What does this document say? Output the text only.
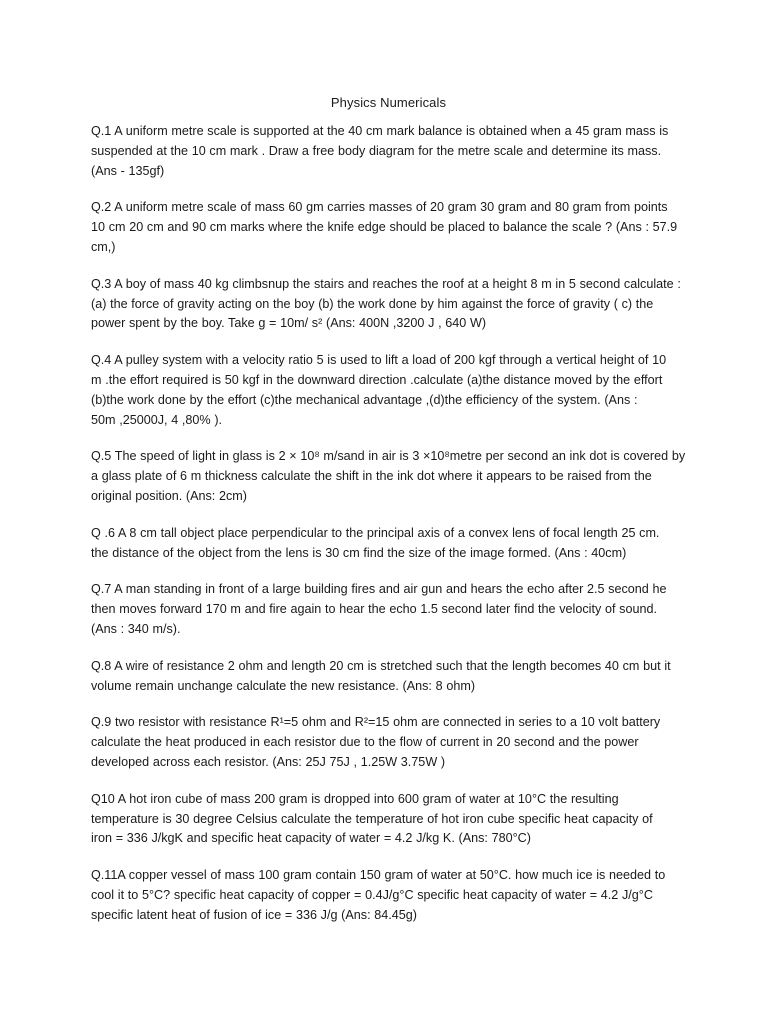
Physics Numericals
Q.1 A uniform metre scale is supported at the 40 cm mark balance is obtained when a 45 gram mass is
suspended at the 10 cm mark . Draw a free body diagram for the metre scale and determine its mass.
(Ans - 135gf)
Q.2 A uniform metre scale of mass 60 gm carries masses of 20 gram 30 gram and 80 gram from points
10 cm 20 cm and 90 cm marks where the knife edge should be placed to balance the scale ? (Ans : 57.9
cm,)
Q.3 A boy of mass 40 kg climbsnup the stairs and reaches the roof at a height 8 m in 5 second calculate :
(a) the force of gravity acting on the boy (b) the work done by him against the force of gravity ( c) the
power spent by the boy. Take g = 10m/ s² (Ans: 400N ,3200 J , 640 W)
Q.4 A pulley system with a velocity ratio 5 is used to lift a load of 200 kgf through a vertical height of 10
m .the effort required is 50 kgf in the downward direction .calculate (a)the distance moved by the effort
(b)the work done by the effort (c)the mechanical advantage ,(d)the efficiency of the system. (Ans :
50m ,25000J, 4 ,80% ).
Q.5 The speed of light in glass is 2 × 10⁸ m/sand in air is 3 ×10⁸metre per second an ink dot is covered by
a glass plate of 6 m thickness calculate the shift in the ink dot where it appears to be raised from the
original position. (Ans: 2cm)
Q .6 A 8 cm tall object place perpendicular to the principal axis of a convex lens of focal length 25 cm.
the distance of the object from the lens is 30 cm find the size of the image formed. (Ans : 40cm)
Q.7 A man standing in front of a large building fires and air gun and hears the echo after 2.5 second he
then moves forward 170 m and fire again to hear the echo 1.5 second later find the velocity of sound.
(Ans : 340 m/s).
Q.8 A wire of resistance 2 ohm and length 20 cm is stretched such that the length becomes 40 cm but it
volume remain unchange calculate the new resistance. (Ans: 8 ohm)
Q.9 two resistor with resistance R¹=5 ohm and R²=15 ohm are connected in series to a 10 volt battery
calculate the heat produced in each resistor due to the flow of current in 20 second and the power
developed across each resistor. (Ans: 25J 75J , 1.25W 3.75W )
Q10 A hot iron cube of mass 200 gram is dropped into 600 gram of water at 10°C the resulting
temperature is 30 degree Celsius calculate the temperature of hot iron cube specific heat capacity of
iron = 336 J/kgK and specific heat capacity of water = 4.2 J/kg K. (Ans: 780°C)
Q.11A copper vessel of mass 100 gram contain 150 gram of water at 50°C. how much ice is needed to
cool it to 5°C? specific heat capacity of copper = 0.4J/g°C specific heat capacity of water = 4.2 J/g°C
specific latent heat of fusion of ice = 336 J/g (Ans: 84.45g)
